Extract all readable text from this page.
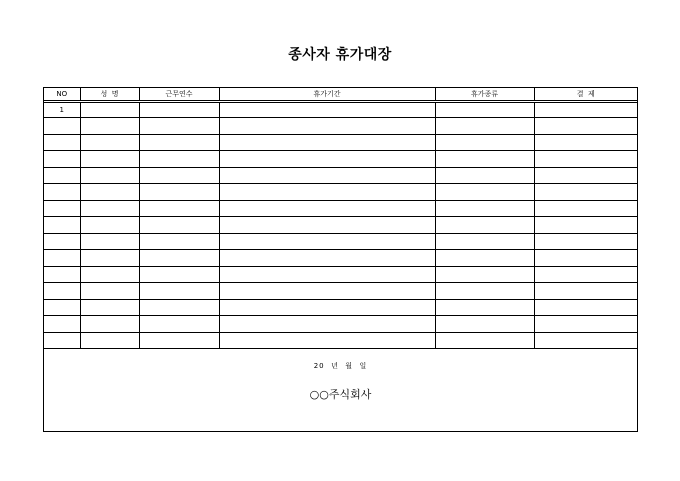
종사자 휴가대장
NO	성  명	근무연수	휴가기간	휴가종류	결  제
1					

20  년  월  일
○○주식회사
